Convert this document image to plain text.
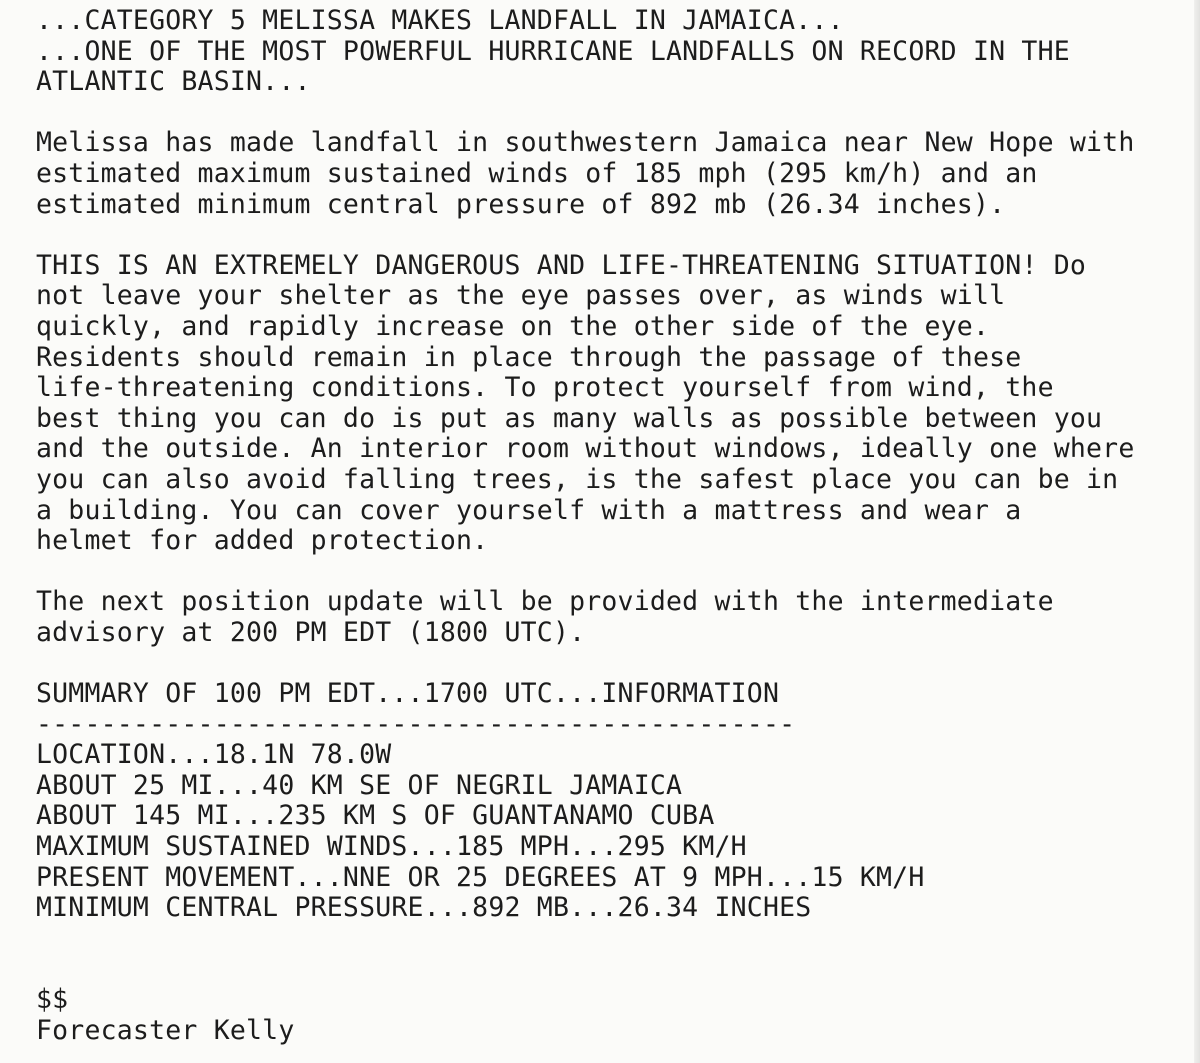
...CATEGORY 5 MELISSA MAKES LANDFALL IN JAMAICA...
...ONE OF THE MOST POWERFUL HURRICANE LANDFALLS ON RECORD IN THE
ATLANTIC BASIN...
Melissa has made landfall in southwestern Jamaica near New Hope with
estimated maximum sustained winds of 185 mph (295 km/h) and an
estimated minimum central pressure of 892 mb (26.34 inches).
THIS IS AN EXTREMELY DANGEROUS AND LIFE-THREATENING SITUATION! Do
not leave your shelter as the eye passes over, as winds will
quickly, and rapidly increase on the other side of the eye.
Residents should remain in place through the passage of these
life-threatening conditions. To protect yourself from wind, the
best thing you can do is put as many walls as possible between you
and the outside. An interior room without windows, ideally one where
you can also avoid falling trees, is the safest place you can be in
a building. You can cover yourself with a mattress and wear a
helmet for added protection.
The next position update will be provided with the intermediate
advisory at 200 PM EDT (1800 UTC).
SUMMARY OF 100 PM EDT...1700 UTC...INFORMATION
-----------------------------------------------
LOCATION...18.1N 78.0W
ABOUT 25 MI...40 KM SE OF NEGRIL JAMAICA
ABOUT 145 MI...235 KM S OF GUANTANAMO CUBA
MAXIMUM SUSTAINED WINDS...185 MPH...295 KM/H
PRESENT MOVEMENT...NNE OR 25 DEGREES AT 9 MPH...15 KM/H
MINIMUM CENTRAL PRESSURE...892 MB...26.34 INCHES
$$
Forecaster Kelly
